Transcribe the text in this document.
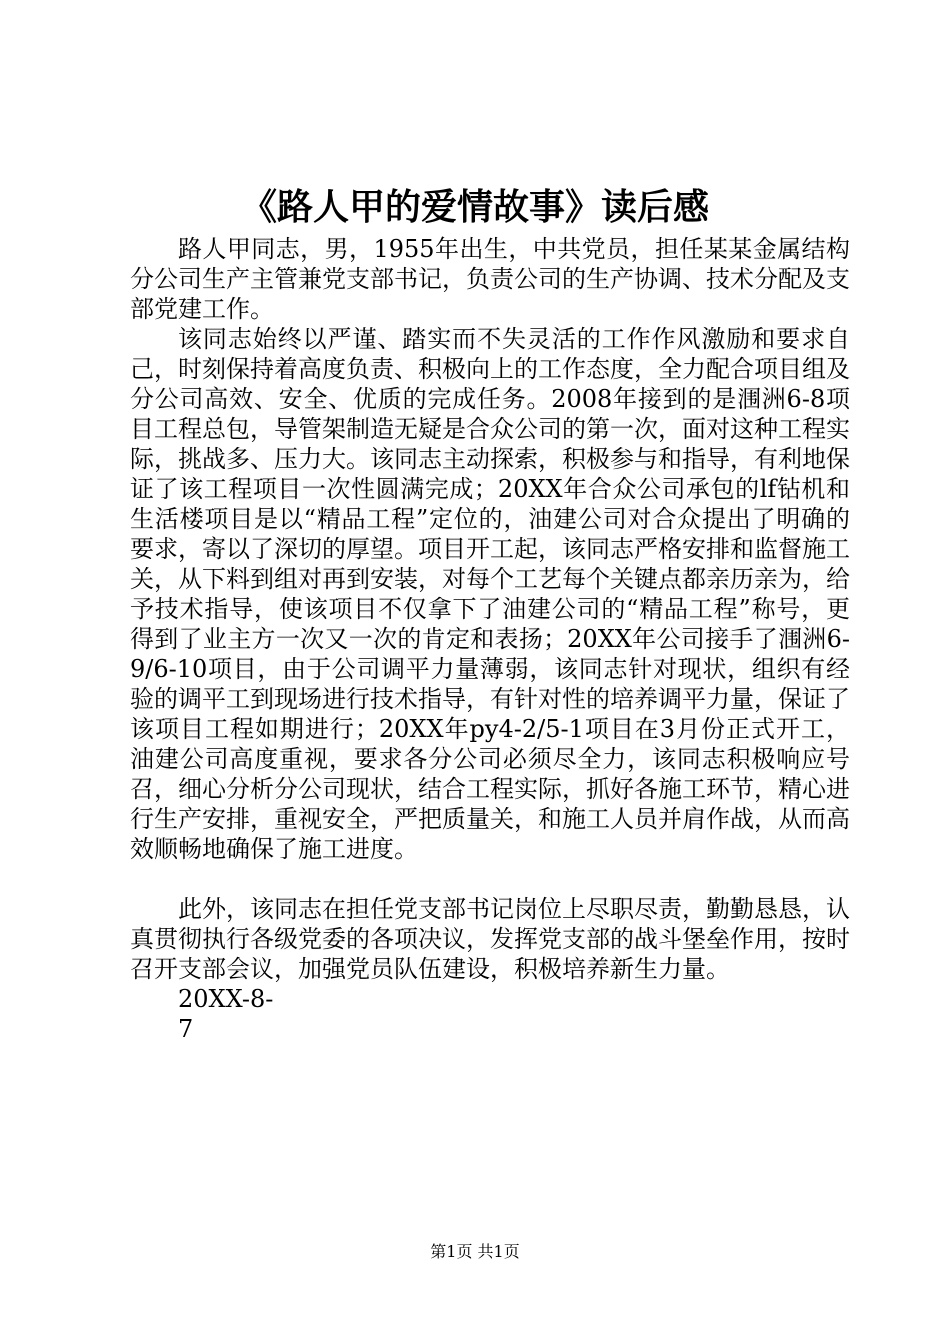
《路人甲的爱情故事》读后感

路人甲同志，男，1955年出生，中共党员，担任某某金属结构分公司生产主管兼党支部书记，负责公司的生产协调、技术分配及支部党建工作。

该同志始终以严谨、踏实而不失灵活的工作作风激励和要求自己，时刻保持着高度负责、积极向上的工作态度，全力配合项目组及分公司高效、安全、优质的完成任务。2008年接到的是涠洲6-8项目工程总包，导管架制造无疑是合众公司的第一次，面对这种工程实际，挑战多、压力大。该同志主动探索，积极参与和指导，有利地保证了该工程项目一次性圆满完成；20XX年合众公司承包的lf钻机和生活楼项目是以“精品工程”定位的，油建公司对合众提出了明确的要求，寄以了深切的厚望。项目开工起，该同志严格安排和监督施工关，从下料到组对再到安装，对每个工艺每个关键点都亲历亲为，给予技术指导，使该项目不仅拿下了油建公司的“精品工程”称号，更得到了业主方一次又一次的肯定和表扬；20XX年公司接手了涠洲6-9/6-10项目，由于公司调平力量薄弱，该同志针对现状，组织有经验的调平工到现场进行技术指导，有针对性的培养调平力量，保证了该项目工程如期进行；20XX年py4-2/5-1项目在3月份正式开工，油建公司高度重视，要求各分公司必须尽全力，该同志积极响应号召，细心分析分公司现状，结合工程实际，抓好各施工环节，精心进行生产安排，重视安全，严把质量关，和施工人员并肩作战，从而高效顺畅地确保了施工进度。

此外，该同志在担任党支部书记岗位上尽职尽责，勤勤恳恳，认真贯彻执行各级党委的各项决议，发挥党支部的战斗堡垒作用，按时召开支部会议，加强党员队伍建设，积极培养新生力量。

20XX-8-7

第1页 共1页
